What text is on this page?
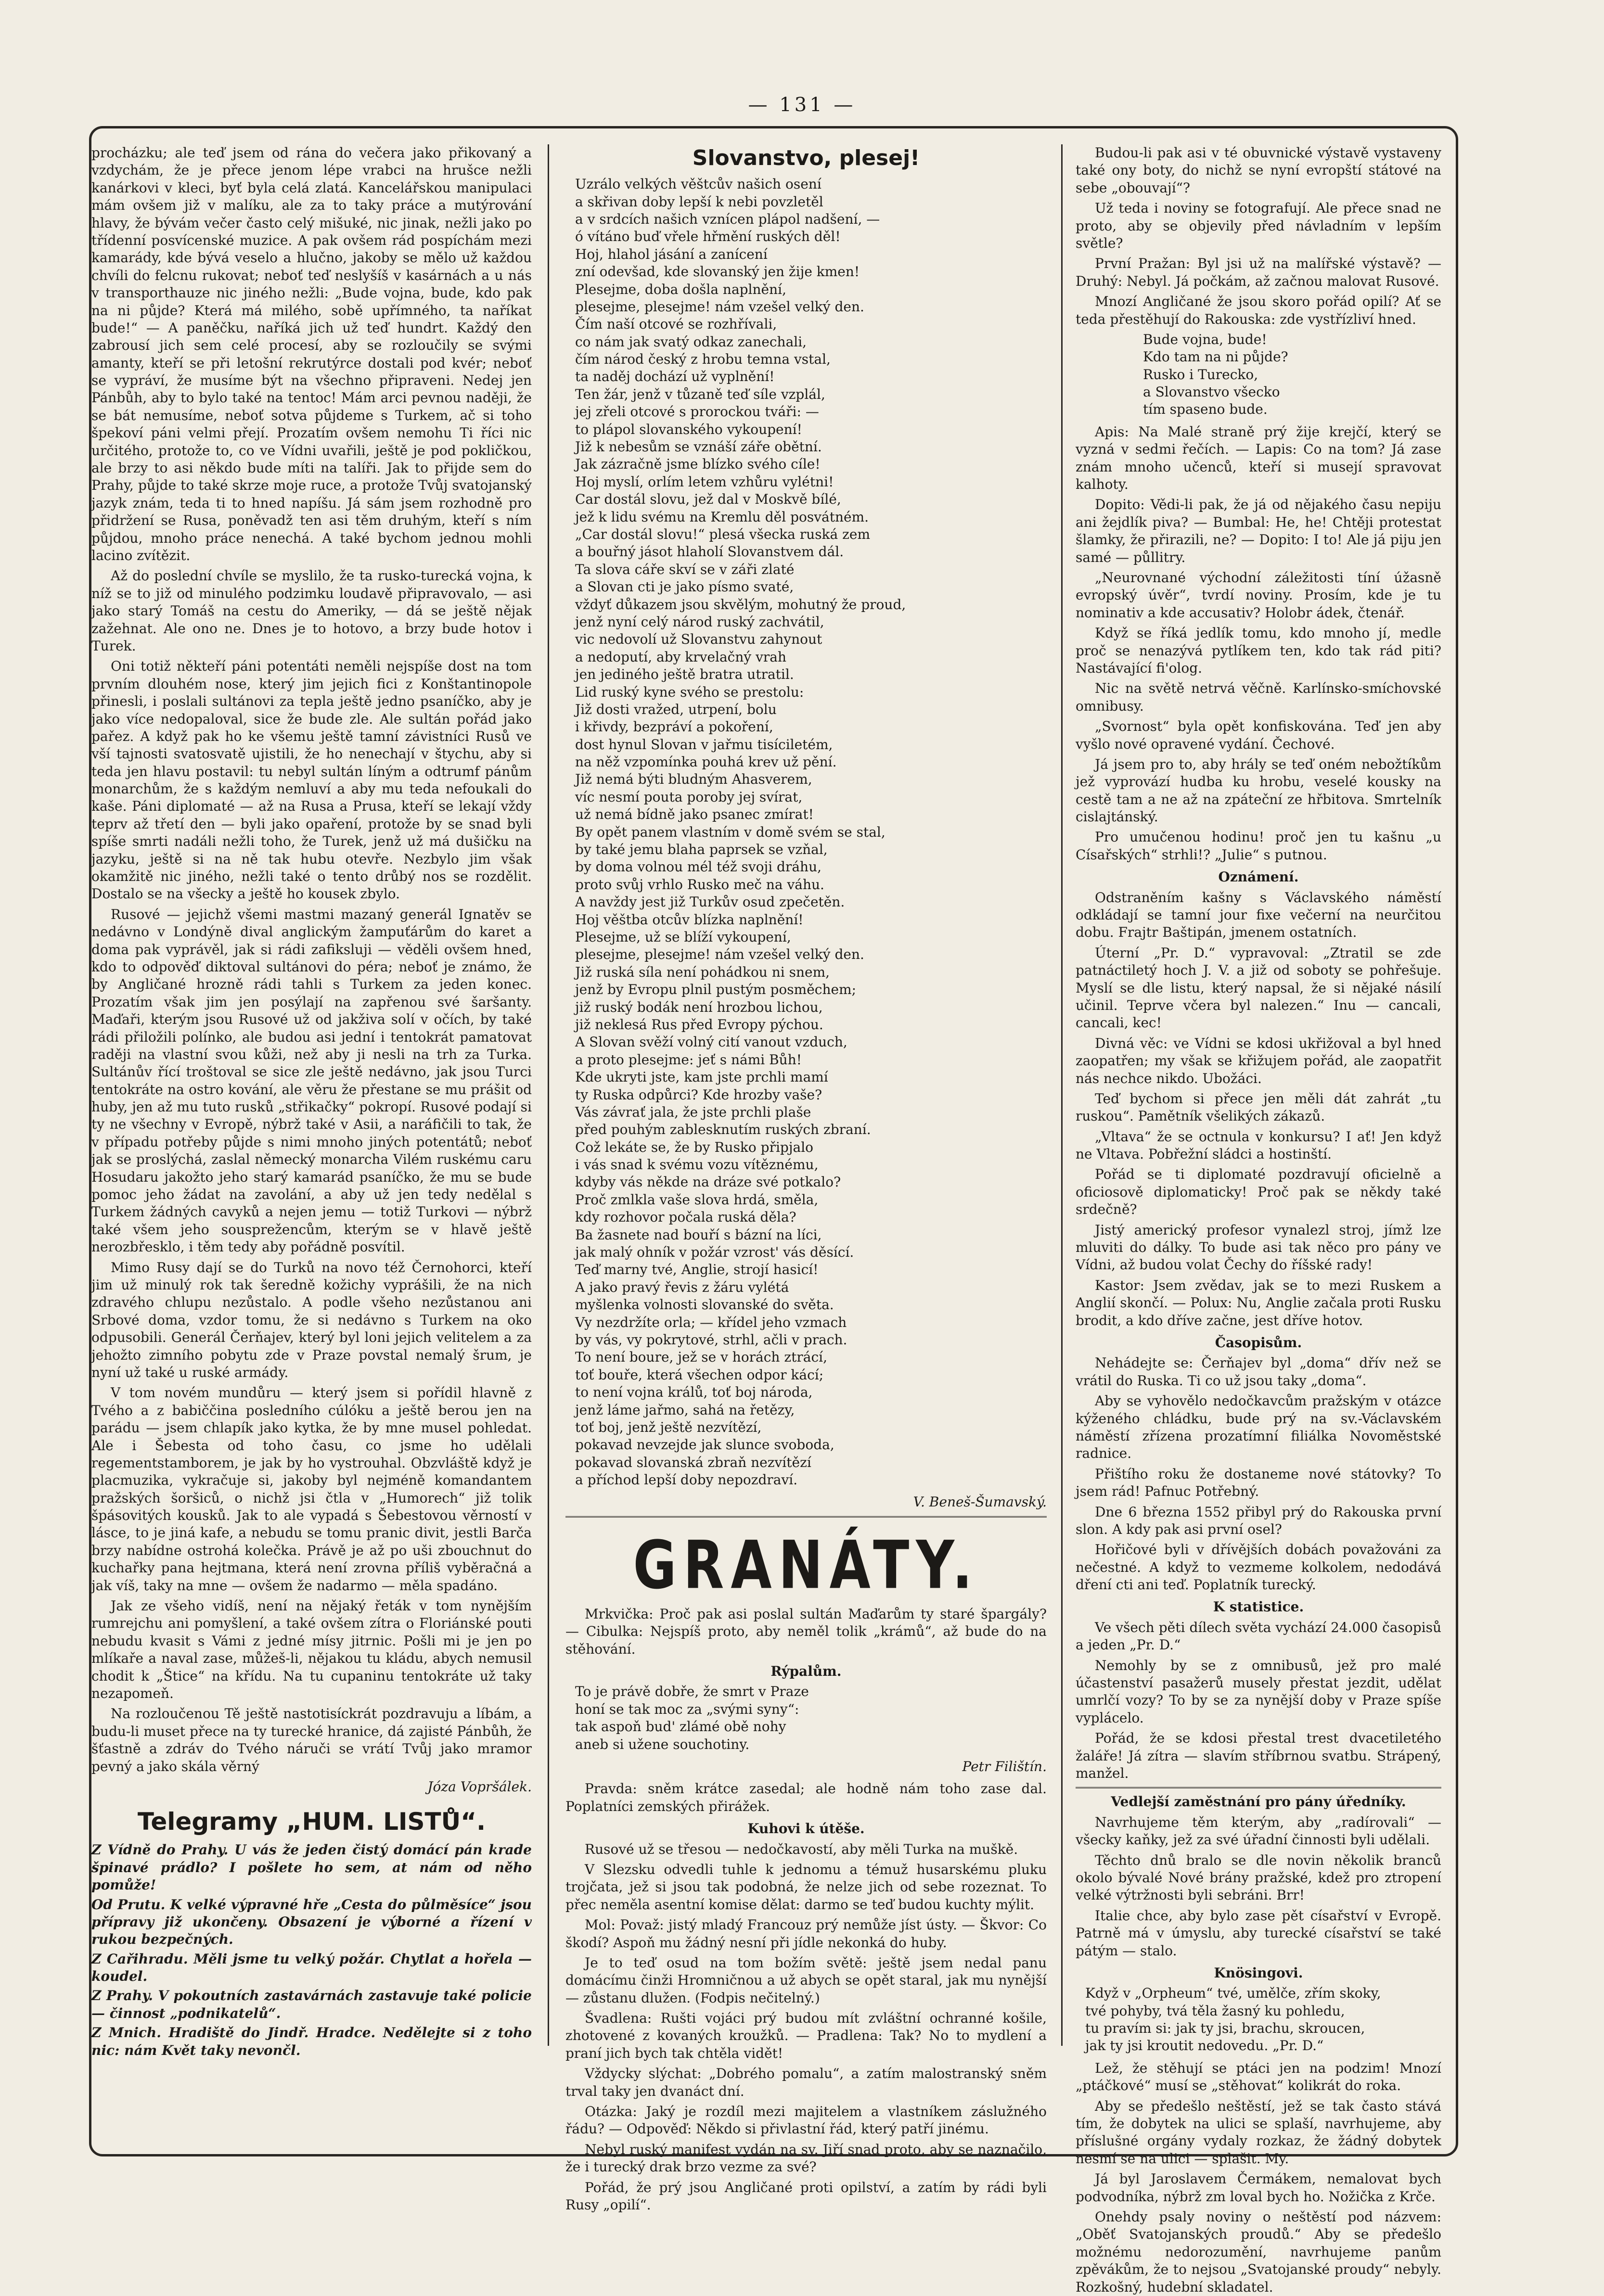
— 131 —

procházku; ale teď jsem od rána do večera jako přikovaný a vzdychám, že je přece jenom lépe vrabci na hrušce nežli kanárkovi v kleci, byť byla celá zlatá. Kancelářskou manipulaci mám ovšem již v malíku, ale za to taky práce a mutýrování hlavy, že bývám večer často celý mišuké, nic jinak, nežli jako po třídenní posvícenské muzice. A pak ovšem rád pospíchám mezi kamarády, kde bývá veselo a hlučno, jakoby se mělo už každou chvíli do felcnu rukovat; neboť teď neslyšíš v kasárnách a u nás v transporthauze nic jiného nežli: „Bude vojna, bude, kdo pak na ni půjde? Která má milého, sobě upřímného, ta naříkat bude!“ — A paněčku, naříká jich už teď hundrt. Každý den zabrousí jich sem celé procesí, aby se rozloučily se svými amanty, kteří se při letošní rekrutýrce dostali pod kvér; neboť se vypráví, že musíme být na všechno připraveni. Nedej jen Pánbůh, aby to bylo také na tentoc! Mám arci pevnou naději, že se bát nemusíme, neboť sotva půjdeme s Turkem, ač si toho špekoví páni velmi přejí. Prozatím ovšem nemohu Ti říci nic určitého, protože to, co ve Vídni uvařili, ještě je pod pokličkou, ale brzy to asi někdo bude míti na talíři. Jak to přijde sem do Prahy, půjde to také skrze moje ruce, a protože Tvůj svatojanský jazyk znám, teda ti to hned napíšu. Já sám jsem rozhodně pro přidržení se Rusa, poněvadž ten asi těm druhým, kteří s ním půjdou, mnoho práce nenechá. A také bychom jednou mohli lacino zvítězit.

Až do poslední chvíle se myslilo, že ta rusko-turecká vojna, k níž se to již od minulého podzimku loudavě připravovalo, — asi jako starý Tomáš na cestu do Ameriky, — dá se ještě nějak zažehnat. Ale ono ne. Dnes je to hotovo, a brzy bude hotov i Turek.

Oni totiž někteří páni potentáti neměli nejspíše dost na tom prvním dlouhém nose, který jim jejich fici z Konštantinopole přinesli, i poslali sultánovi za tepla ještě jedno psaníčko, aby je jako více nedopaloval, sice že bude zle. Ale sultán pořád jako pařez. A když pak ho ke všemu ještě tamní závistníci Rusů ve vší tajnosti svatosvatě ujistili, že ho nenechají v štychu, aby si teda jen hlavu postavil: tu nebyl sultán líným a odtrumf pánům monarchům, že s každým nemluví a aby mu teda nefoukali do kaše. Páni diplomaté — až na Rusa a Prusa, kteří se lekají vždy teprv až třetí den — byli jako opaření, protože by se snad byli spíše smrti nadáli nežli toho, že Turek, jenž už má dušičku na jazyku, ještě si na ně tak hubu otevře. Nezbylo jim však okamžitě nic jiného, nežli také o tento drůbý nos se rozdělit. Dostalo se na všecky a ještě ho kousek zbylo.

Rusové — jejichž všemi mastmi mazaný generál Ignatěv se nedávno v Londýně dival anglickým žampuťárům do karet a doma pak vyprávěl, jak si rádi zafiksluji — věděli ovšem hned, kdo to odpověď diktoval sultánovi do péra; neboť je známo, že by Angličané hrozně rádi tahli s Turkem za jeden konec. Prozatím však jim jen posýlají na zapřenou své šaršanty. Maďaři, kterým jsou Rusové už od jakživa solí v očích, by také rádi přiložili polínko, ale budou asi jední i tentokrát pamatovat raději na vlastní svou kůži, než aby ji nesli na trh za Turka. Sultánův řící troštoval se sice zle ještě nedávno, jak jsou Turci tentokráte na ostro kování, ale věru že přestane se mu prášit od huby, jen až mu tuto rusků „střikačky“ pokropí. Rusové podají si ty ne všechny v Evropě, nýbrž také v Asii, a naráfičili to tak, že v případu potřeby půjde s nimi mnoho jiných potentátů; neboť jak se proslýchá, zaslal německý monarcha Vilém ruskému caru Hosudaru jakožto jeho starý kamarád psaníčko, že mu se bude pomoc jeho žádat na zavolání, a aby už jen tedy nedělal s Turkem žádných cavyků a nejen jemu — totiž Turkovi — nýbrž také všem jeho sousprežencům, kterým se v hlavě ještě nerozbřesklo, i těm tedy aby pořádně posvítil.

Mimo Rusy dají se do Turků na novo též Černohorci, kteří jim už minulý rok tak šeredně kožichy vyprášili, že na nich zdravého chlupu nezůstalo. A podle všeho nezůstanou ani Srbové doma, vzdor tomu, že si nedávno s Turkem na oko odpusobili. Generál Čerňajev, který byl loni jejich velitelem a za jehožto zimního pobytu zde v Praze povstal nemalý šrum, je nyní už také u ruské armády.

V tom novém mundůru — který jsem si pořídil hlavně z Tvého a z babiččina posledního cúlóku a ještě berou jen na parádu — jsem chlapík jako kytka, že by mne musel pohledat. Ale i Šebesta od toho času, co jsme ho udělali regementstamborem, je jak by ho vystrouhal. Obzvláště když je placmuzika, vykračuje si, jakoby byl nejméně komandantem pražských šoršiců, o nichž jsi čtla v „Humorech“ již tolik špásovitých kousků. Jak to ale vypadá s Šebestovou věrností v lásce, to je jiná kafe, a nebudu se tomu pranic divit, jestli Barča brzy nabídne ostrohá kolečka. Právě je až po uši zbouchnut do kuchařky pana hejtmana, která není zrovna příliš vyběračná a jak víš, taky na mne — ovšem že nadarmo — měla spadáno.

Jak ze všeho vidíš, není na nějaký řeták v tom nynějším rumrejchu ani pomyšlení, a také ovšem zítra o Floriánské pouti nebudu kvasit s Vámi z jedné mísy jitrnic. Pošli mi je jen po mlíkaře a naval zase, můžeš-li, nějakou tu kládu, abych nemusil chodit k „Štice“ na křídu. Na tu cupaninu tentokráte už taky nezapomeň.

Na rozloučenou Tě ještě nastotisíckrát pozdravuju a líbám, a budu-li muset přece na ty turecké hranice, dá zajisté Pánbůh, že šťastně a zdráv do Tvého náruči se vrátí Tvůj jako mramor pevný a jako skála věrný

Józa Vopršálek.

Telegramy „HUM. LISTŮ“.

Z Vídně do Prahy. U vás že jeden čistý domácí pán krade špinavé prádlo? I pošlete ho sem, at nám od něho pomůže!

Od Prutu. K velké výpravné hře „Cesta do půlměsíce“ jsou přípravy již ukončeny. Obsazení je výborné a řízení v rukou bezpečných.

Z Cařihradu. Měli jsme tu velký požár. Chytlat a hořela — koudel.

Z Prahy. V pokoutních zastavárnách zastavuje také policie — činnost „podnikatelů“.

Z Mnich. Hradiště do Jindř. Hradce. Nedělejte si z toho nic: nám Květ taky nevončl.

Slovanstvo, plesej!
Uzrálo velkých věštcův našich osení
a skřivan doby lepší k nebi povzletěl
a v srdcích našich vznícen plápol nadšení, —
ó vítáno buď vřele hřmění ruských děl!
Hoj, hlahol jásání a zanícení
zní odevšad, kde slovanský jen žije kmen!
Plesejme, doba došla naplnění,
plesejme, plesejme! nám vzešel velký den.
Čím naší otcové se rozhřívali,
co nám jak svatý odkaz zanechali,
čím národ český z hrobu temna vstal,
ta naděj dochází už vyplnění!
Ten žár, jenž v tůzaně teď síle vzplál,
jej zřeli otcové s prorockou tváři: —
to plápol slovanského vykoupení!
Již k nebesům se vznáší záře obětní.
Jak zázračně jsme blízko svého cíle!
Hoj myslí, orlím letem vzhůru vylétni!
Car dostál slovu, jež dal v Moskvě bílé,
jež k lidu svému na Kremlu děl posvátném.
„Car dostál slovu!“ plesá všecka ruská zem
a bouřný jásot hlaholí Slovanstvem dál.
Ta slova cáře skví se v záři zlaté
a Slovan cti je jako písmo svaté,
vždyť důkazem jsou skvělým, mohutný že proud,
jenž nyní celý národ ruský zachvátil,
vic nedovolí už Slovanstvu zahynout
a nedoputí, aby krvelačný vrah
jen jediného ještě bratra utratil.
Lid ruský kyne svého se prestolu:
Již dosti vražed, utrpení, bolu
i křivdy, bezpráví a pokoření,
dost hynul Slovan v jařmu tisíciletém,
na něž vzpomínka pouhá krev už pění.
Již nemá býti bludným Ahasverem,
víc nesmí pouta poroby jej svírat,
už nemá bídně jako psanec zmírat!
By opět panem vlastním v domě svém se stal,
by také jemu blaha paprsek se vzňal,
by doma volnou mél též svoji dráhu,
proto svůj vrhlo Rusko meč na váhu.
A navždy jest již Turkův osud zpečetěn.
Hoj věštba otcův blízka naplnění!
Plesejme, už se blíží vykoupení,
plesejme, plesejme! nám vzešel velký den.
Již ruská síla není pohádkou ni snem,
jenž by Evropu plnil pustým posměchem;
již ruský bodák není hrozbou lichou,
již neklesá Rus před Evropy pýchou.
A Slovan svěží volný cití vanout vzduch,
a proto plesejme: jeť s námi Bůh!
Kde ukryti jste, kam jste prchli mamí
ty Ruska odpůrci? Kde hrozby vaše?
Vás závrať jala, že jste prchli plaše
před pouhým zablesknutím ruských zbraní.
Což lekáte se, že by Rusko připjalo
i vás snad k svému vozu vítěznému,
kdyby vás někde na dráze své potkalo?
Proč zmlkla vaše slova hrdá, směla,
kdy rozhovor počala ruská děla?
Ba žasnete nad bouří s bázní na líci,
jak malý ohník v požár vzrost' vás děsící.
Teď marny tvé, Anglie, strojí hasicí!
A jako pravý řevis z žáru vylétá
myšlenka volnosti slovanské do světa.
Vy nezdržíte orla; — křídel jeho vzmach
by vás, vy pokrytové, strhl, ačli v prach.
To není boure, jež se v horách ztrácí,
toť bouře, která všechen odpor kácí;
to není vojna králů, toť boj národa,
jenž láme jařmo, sahá na řetězy,
toť boj, jenž ještě nezvítězí,
pokavad nevzejde jak slunce svoboda,
pokavad slovanská zbraň nezvítězí
a příchod lepší doby nepozdraví.

V. Beneš-Šumavský.

GRANÁTY.

Mrkvička: Proč pak asi poslal sultán Maďarům ty staré špargály? — Cibulka: Nejspíš proto, aby neměl tolik „krámů“, až bude do na stěhování.

Rýpalům.

To je právě dobře, že smrt v Praze
honí se tak moc za „svými syny“:
tak aspoň bud' zlámé obě nohy
aneb si užene souchotiny.

Petr Filištín.

Pravda: sněm krátce zasedal; ale hodně nám toho zase dal. Poplatníci zemských přirážek.

Kuhovi k útěše.

Rusové už se třesou — nedočkavostí, aby měli Turka na muškě.

V Slezsku odvedli tuhle k jednomu a témuž husarskému pluku trojčata, jež si jsou tak podobná, že nelze jich od sebe rozeznat. To přec neměla asentní komise dělat: darmo se teď budou kuchty mýlit.

Mol: Považ: jistý mladý Francouz prý nemůže jíst ústy. — Škvor: Co škodí? Aspoň mu žádný nesní při jídle nekonká do huby.

Je to teď osud na tom božím světě: ještě jsem nedal panu domácímu činži Hromničnou a už abych se opět staral, jak mu nynější — zůstanu dlužen. (Fodpis nečitelný.)

Švadlena: Rušti vojáci prý budou mít zvláštní ochranné košile, zhotovené z kovaných kroužků. — Pradlena: Tak? No to mydlení a praní jich bych tak chtěla vidět!

Vždycky slýchat: „Dobrého pomalu“, a zatím malostranský sněm trval taky jen dvanáct dní.

Otázka: Jaký je rozdíl mezi majitelem a vlastníkem záslužného řádu? — Odpověď: Někdo si přivlastní řád, který patří jinému.

Nebyl ruský manifest vydán na sv. Jiří snad proto, aby se naznačilo, že i turecký drak brzo vezme za své?

Pořád, že prý jsou Angličané proti opilství, a zatím by rádi byli Rusy „opilí“.

Budou-li pak asi v té obuvnické výstavě vystaveny také ony boty, do nichž se nyní evropští státové na sebe „obouvají“?

Už teda i noviny se fotografují. Ale přece snad ne proto, aby se objevily před návladním v lepším světle?

První Pražan: Byl jsi už na malířské výstavě? — Druhý: Nebyl. Já počkám, až začnou malovat Rusové.

Mnozí Angličané že jsou skoro pořád opilí? Ať se teda přestěhují do Rakouska: zde vystřízliví hned.

Bude vojna, bude!
Kdo tam na ni půjde?
Rusko i Turecko,
a Slovanstvo všecko
tím spaseno bude.

Apis: Na Malé straně prý žije krejčí, který se vyzná v sedmi řečích. — Lapis: Co na tom? Já zase znám mnoho učenců, kteří si musejí spravovat kalhoty.

Dopito: Vědi-li pak, že já od nějakého času nepiju ani žejdlík piva? — Bumbal: He, he! Chtěji protestat šlamky, že přirazili, ne? — Dopito: I to! Ale já piju jen samé — půllitry.

„Neurovnané východní záležitosti tíní úžasně evropský úvěr“, tvrdí noviny. Prosím, kde je tu nominativ a kde accusativ? Holobr ádek, čtenář.

Když se říká jedlík tomu, kdo mnoho jí, medle proč se nenazývá pytlíkem ten, kdo tak rád piti? Nastávající fi'olog.

Nic na světě netrvá věčně. Karlínsko-smíchovské omnibusy.

„Svornost“ byla opět konfiskována. Teď jen aby vyšlo nové opravené vydání. Čechové.

Já jsem pro to, aby hrály se teď oném nebožtíkům jež vyprovází hudba ku hrobu, veselé kousky na cestě tam a ne až na zpáteční ze hřbitova. Smrtelník cislajtánský.

Pro umučenou hodinu! proč jen tu kašnu „u Císařských“ strhli!? „Julie“ s putnou.

Oznámení.

Odstraněním kašny s Václavského náměstí odkládají se tamní jour fixe večerní na neurčitou dobu. Frajtr Baštipán, jmenem ostatních.

Úterní „Pr. D.“ vypravoval: „Ztratil se zde patnáctiletý hoch J. V. a již od soboty se pohřešuje. Myslí se dle listu, který napsal, že si nějaké násilí učinil. Teprve včera byl nalezen.“ Inu — cancali, cancali, kec!

Divná věc: ve Vídni se kdosi ukřižoval a byl hned zaopatřen; my však se křižujem pořád, ale zaopatřit nás nechce nikdo. Ubožáci.

Teď bychom si přece jen měli dát zahrát „tu ruskou“. Pamětník všelikých zákazů.

„Vltava“ že se octnula v konkursu? I ať! Jen když ne Vltava. Pobřežní sládci a hostinští.

Pořád se ti diplomaté pozdravují oficielně a oficiosově diplomaticky! Proč pak se někdy také srdečně?

Jistý americký profesor vynalezl stroj, jímž lze mluviti do dálky. To bude asi tak něco pro pány ve Vídni, až budou volat Čechy do říšské rady!

Kastor: Jsem zvědav, jak se to mezi Ruskem a Anglií skončí. — Polux: Nu, Anglie začala proti Rusku brodit, a kdo dříve začne, jest dříve hotov.

Časopisům.

Nehádejte se: Čerňajev byl „doma“ dřív než se vrátil do Ruska. Ti co už jsou taky „doma“.

Aby se vyhovělo nedočkavcům pražským v otázce kýženého chládku, bude prý na sv.-Václavském náměstí zřízena prozatímní filiálka Novoměstské radnice.

Přištího roku že dostaneme nové státovky? To jsem rád! Pafnuc Potřebný.

Dne 6 března 1552 přibyl prý do Rakouska první slon. A kdy pak asi první osel?

Hořičové byli v dřívějších dobách považováni za nečestné. A když to vezmeme kolkolem, nedodává dření cti ani teď. Poplatník turecký.

K statistice.

Ve všech pěti dílech světa vychází 24.000 časopisů a jeden „Pr. D.“

Nemohly by se z omnibusů, jež pro malé účastenství pasažerů musely přestat jezdit, udělat umrlčí vozy? To by se za nynější doby v Praze spíše vyplácelo.

Pořád, že se kdosi přestal trest dvacetiletého žaláře! Já zítra — slavím stříbrnou svatbu. Strápený, manžel.

Vedlejší zaměstnání pro pány úředníky.

Navrhujeme těm kterým, aby „radírovali“ — všecky kaňky, jež za své úřadní činnosti byli udělali.

Těchto dnů bralo se dle novin několik branců okolo bývalé Nové brány pražské, kdež pro ztropení velké výtržnosti byli sebráni. Brr!

Italie chce, aby bylo zase pět císařství v Evropě. Patrně má v úmyslu, aby turecké císařství se také pátým — stalo.

Knösingovi.

Když v „Orpheum“ tvé, umělče, zřím skoky,
tvé pohyby, tvá těla žasný ku pohledu,
tu pravím si: jak ty jsi, brachu, skroucen,
jak ty jsi kroutit nedovedu. „Pr. D.“

Lež, že stěhují se ptáci jen na podzim! Mnozí „ptáčkové“ musí se „stěhovat“ kolikrát do roka.

Aby se předešlo neštěstí, jež se tak často stává tím, že dobytek na ulici se splaší, navrhujeme, aby příslušné orgány vydaly rozkaz, že žádný dobytek nesmí se na ulici — splašit. My.

Já byl Jaroslavem Čermákem, nemalovat bych podvodníka, nýbrž zm loval bych ho. Nožička z Krče.

Onehdy psaly noviny o neštěstí pod názvem: „Oběť Svatojanských proudů.“ Aby se předešlo možnému nedorozumění, navrhujeme panům zpěvákům, že to nejsou „Svatojanské proudy“ nebyly. Rozkošný, hudební skladatel.
